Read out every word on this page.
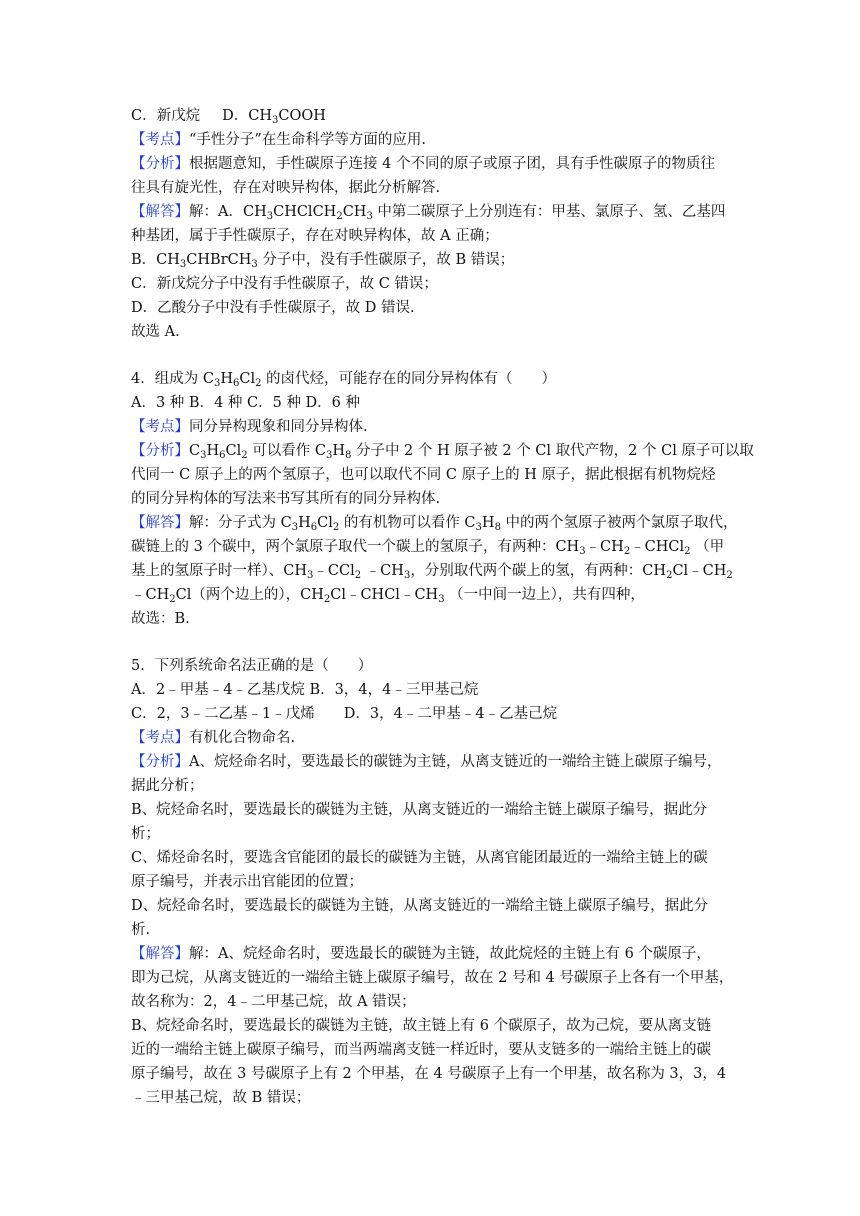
C．新戊烷 D．$CH_3COOH$
【考点】“手性分子”在生命科学等方面的应用.
【分析】根据题意知，手性碳原子连接 4 个不同的原子或原子团，具有手性碳原子的物质往
往具有旋光性，存在对映异构体，据此分析解答.
【解答】解：A．$CH_3CHClCH_2CH_3$ 中第二碳原子上分别连有：甲基、氯原子、氢、乙基四
种基团，属于手性碳原子，存在对映异构体，故 A 正确；
B．$CH_3CHBrCH_3$ 分子中，没有手性碳原子，故 B 错误；
C．新戊烷分子中没有手性碳原子，故 C 错误；
D．乙酸分子中没有手性碳原子，故 D 错误.
故选 A.
4．组成为 $C_3H_6Cl_2$ 的卤代烃，可能存在的同分异构体有（　　）
A．3 种 B．4 种 C．5 种 D．6 种
【考点】同分异构现象和同分异构体.
【分析】$C_3H_6Cl_2$ 可以看作 $C_3H_8$ 分子中 2 个 H 原子被 2 个 Cl 取代产物，2 个 Cl 原子可以取
代同一 C 原子上的两个氢原子，也可以取代不同 C 原子上的 H 原子，据此根据有机物烷烃
的同分异构体的写法来书写其所有的同分异构体.
【解答】解：分子式为 $C_3H_6Cl_2$ 的有机物可以看作 $C_3H_8$ 中的两个氢原子被两个氯原子取代，
碳链上的 3 个碳中，两个氯原子取代一个碳上的氢原子，有两种：$CH_3﹣CH_2﹣CHCl_2$ （甲
基上的氢原子时一样）、$CH_3﹣CCl_2$ $﹣CH_3$，分别取代两个碳上的氢，有两种：$CH_2Cl﹣CH_2$
$﹣CH_2Cl$（两个边上的），$CH_2Cl﹣CHCl﹣CH_3$ （一中间一边上），共有四种，
故选：B.
5．下列系统命名法正确的是（　　）
A．2﹣甲基﹣4﹣乙基戊烷 B．3，4，4﹣三甲基己烷
C．2，3﹣二乙基﹣1﹣戊烯　　D．3，4﹣二甲基﹣4﹣乙基己烷
【考点】有机化合物命名.
【分析】A、烷烃命名时，要选最长的碳链为主链，从离支链近的一端给主链上碳原子编号，
据此分析；
B、烷烃命名时，要选最长的碳链为主链，从离支链近的一端给主链上碳原子编号，据此分
析；
C、烯烃命名时，要选含官能团的最长的碳链为主链，从离官能团最近的一端给主链上的碳
原子编号，并表示出官能团的位置；
D、烷烃命名时，要选最长的碳链为主链，从离支链近的一端给主链上碳原子编号，据此分
析.
【解答】解：A、烷烃命名时，要选最长的碳链为主链，故此烷烃的主链上有 6 个碳原子，
即为己烷，从离支链近的一端给主链上碳原子编号，故在 2 号和 4 号碳原子上各有一个甲基，
故名称为：2，4﹣二甲基己烷，故 A 错误；
B、烷烃命名时，要选最长的碳链为主链，故主链上有 6 个碳原子，故为己烷，要从离支链
近的一端给主链上碳原子编号，而当两端离支链一样近时，要从支链多的一端给主链上的碳
原子编号，故在 3 号碳原子上有 2 个甲基，在 4 号碳原子上有一个甲基，故名称为 3，3，4
﹣三甲基己烷，故 B 错误；
